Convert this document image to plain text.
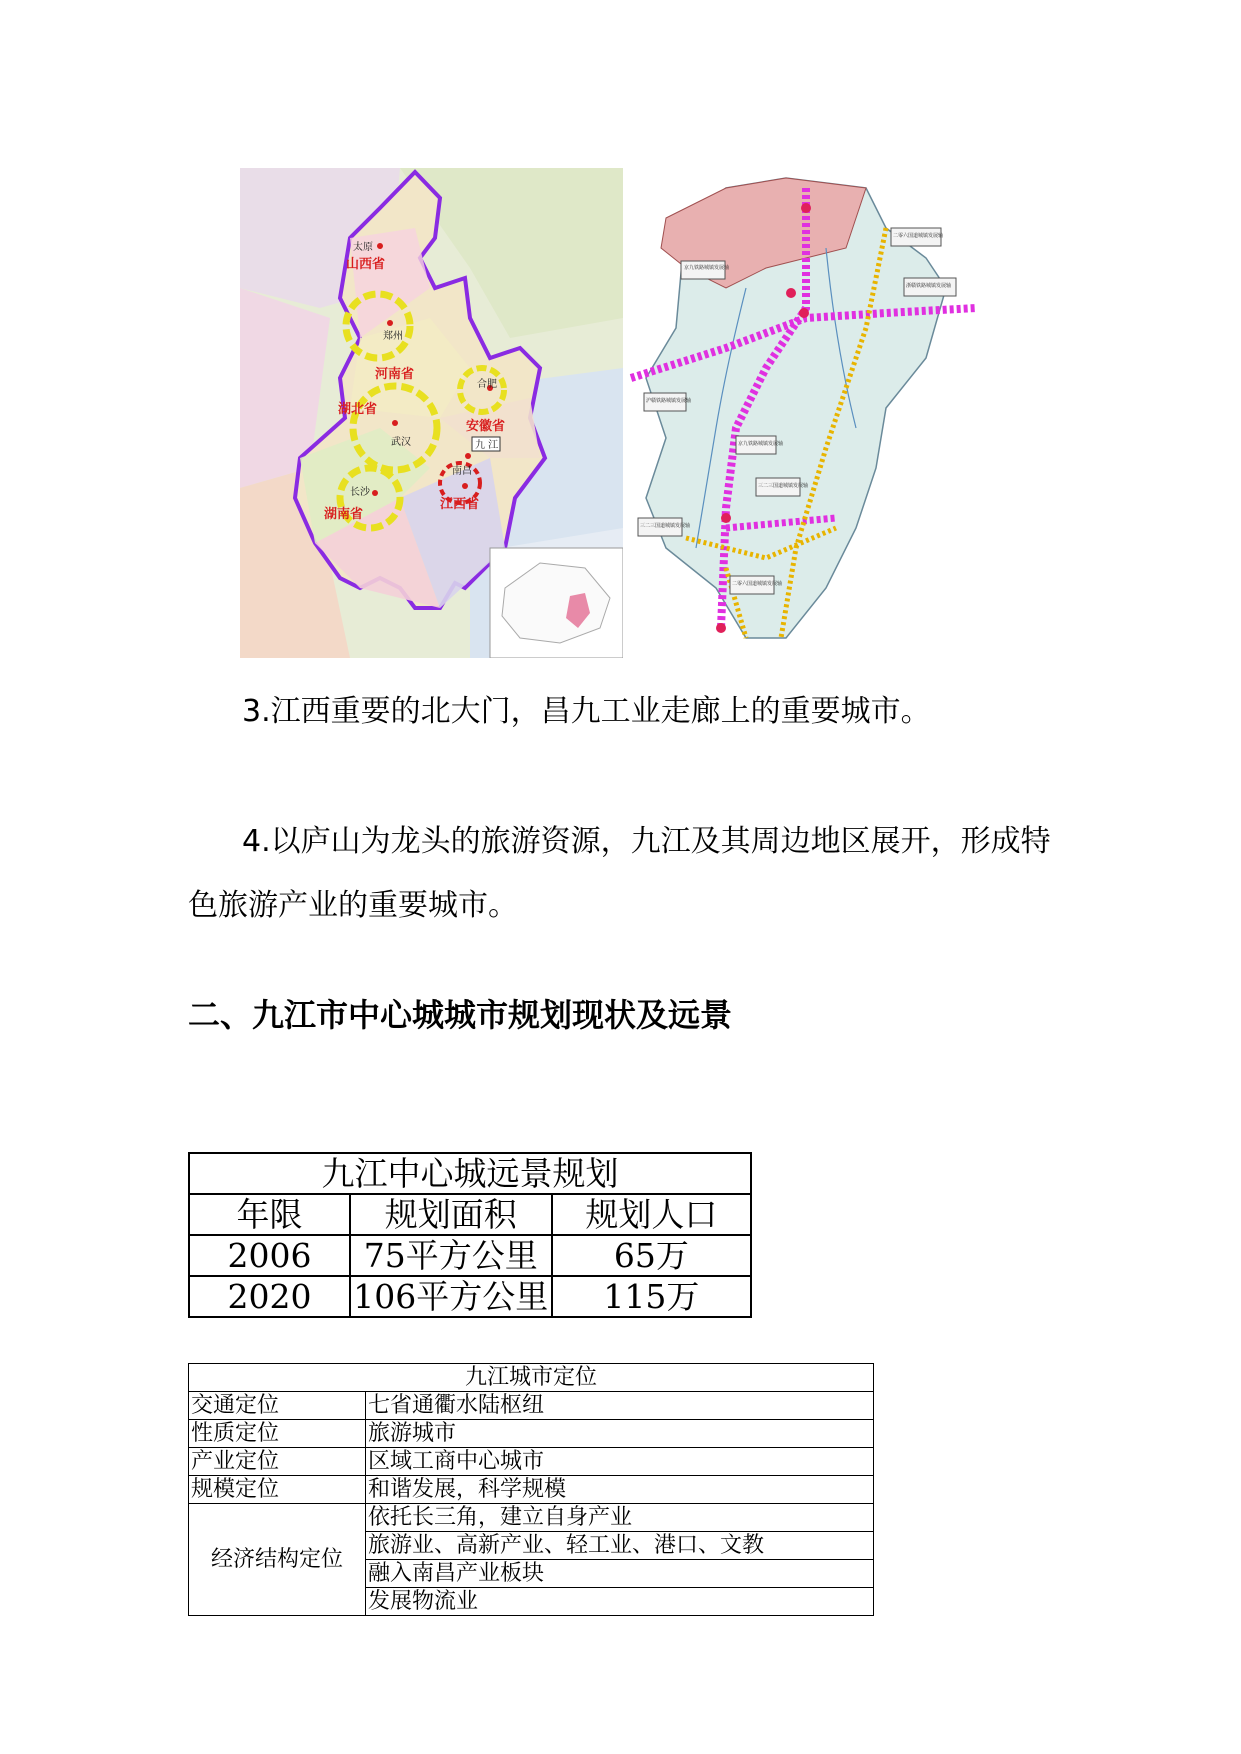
太原
山西省
郑州
河南省
湖北省
武汉
合肥
安徽省
长沙
湖南省
南昌
江西省
九 江
京九铁路城镇发展轴
二零六国道城镇发展轴
浙赣铁路城镇发展轴
京九铁路城镇发展轴
三二三国道城镇发展轴
三二三国道城镇发展轴
二零六国道城镇发展轴
沪赣铁路城镇发展轴
3.江西重要的北大门，昌九工业走廊上的重要城市。
4.以庐山为龙头的旅游资源，九江及其周边地区展开，形成特色旅游产业的重要城市。
二、九江市中心城城市规划现状及远景
九江中心城远景规划		
年限	规划面积	规划人口
2006	75平方公里	65万
2020	106平方公里	115万
九江城市定位	
交通定位	七省通衢水陆枢纽
性质定位	旅游城市
产业定位	区域工商中心城市
规模定位	和谐发展，科学规模
经济结构定位	依托长三角，建立自身产业
	旅游业、高新产业、轻工业、港口、文教
	融入南昌产业板块
	发展物流业
